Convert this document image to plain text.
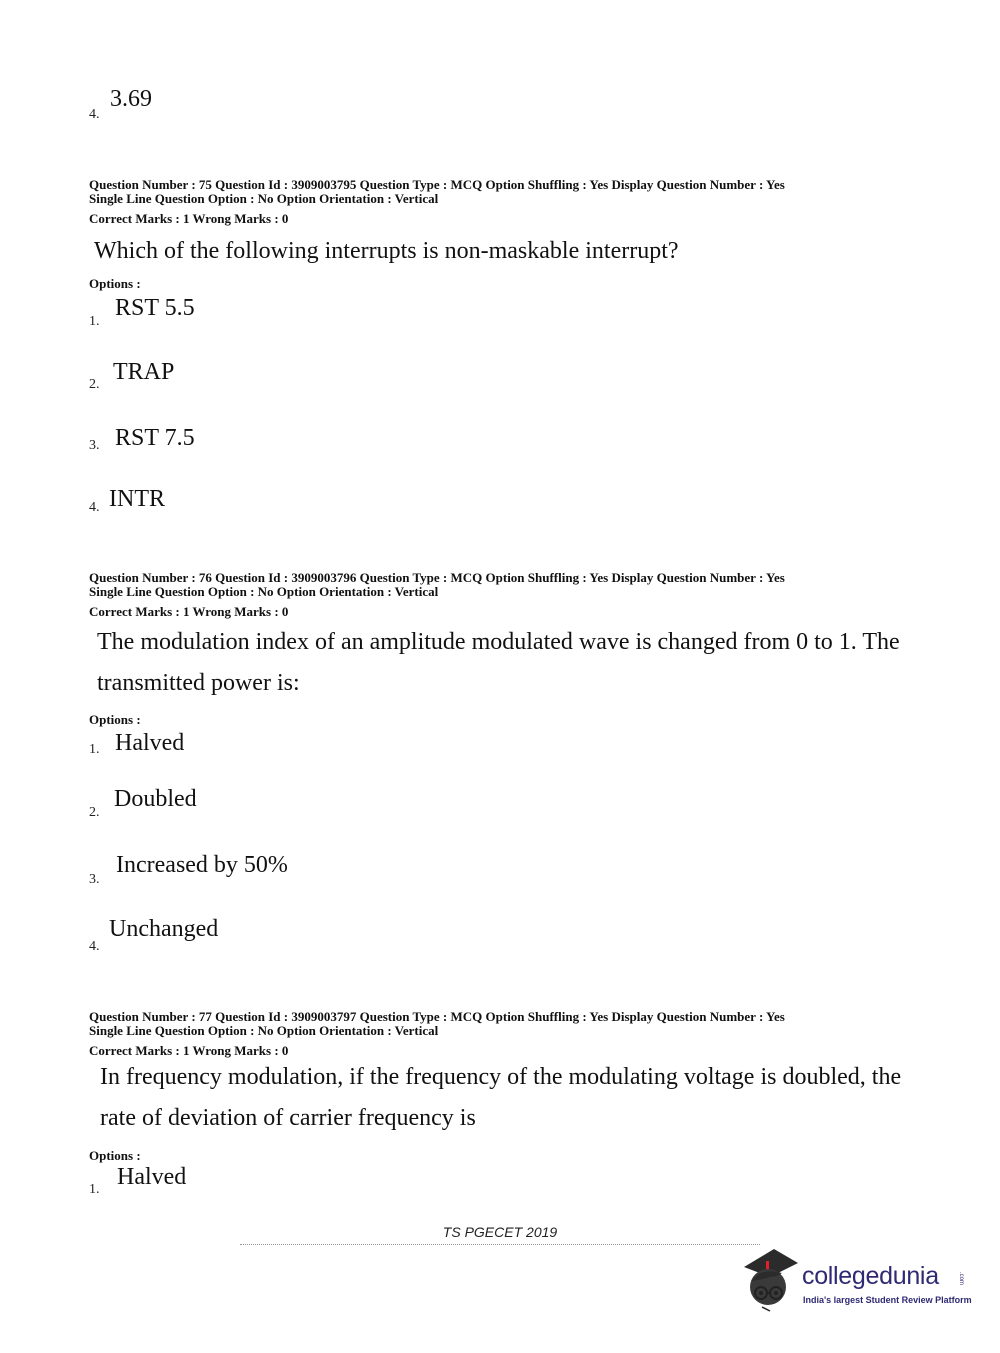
4.
3.69
Question Number : 75 Question Id : 3909003795 Question Type : MCQ Option Shuffling : Yes Display Question Number : Yes
Single Line Question Option : No Option Orientation : Vertical
Correct Marks : 1 Wrong Marks : 0
Which of the following interrupts is non-maskable interrupt?
Options :
1.
RST 5.5
2. TRAP
3. RST 7.5
4. INTR
Question Number : 76 Question Id : 3909003796 Question Type : MCQ Option Shuffling : Yes Display Question Number : Yes
Single Line Question Option : No Option Orientation : Vertical
Correct Marks : 1 Wrong Marks : 0
The modulation index of an amplitude modulated wave is changed from 0 to 1. The
transmitted power is:
Options :
1. Halved
2.
Doubled
3.
Increased by 50%
4.
Unchanged
Question Number : 77 Question Id : 3909003797 Question Type : MCQ Option Shuffling : Yes Display Question Number : Yes
Single Line Question Option : No Option Orientation : Vertical
Correct Marks : 1 Wrong Marks : 0
In frequency modulation, if the frequency of the modulating voltage is doubled, the
rate of deviation of carrier frequency is
Options :
1. Halved
TS PGECET 2019
collegedunia	.com
India's largest Student Review Platform
